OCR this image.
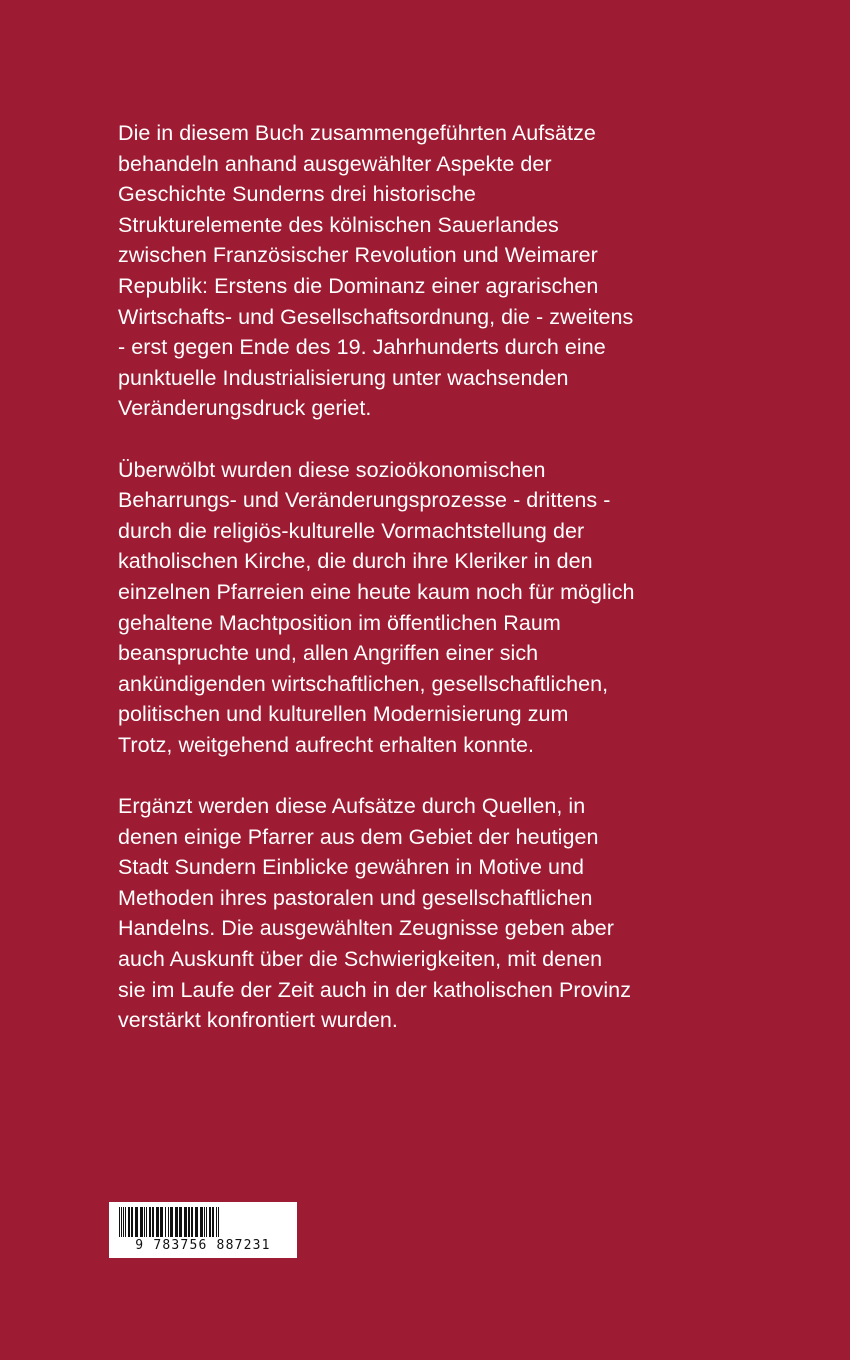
Die in diesem Buch zusammengeführten Aufsätze
behandeln anhand ausgewählter Aspekte der
Geschichte Sunderns drei historische
Strukturelemente des kölnischen Sauerlandes
zwischen Französischer Revolution und Weimarer
Republik: Erstens die Dominanz einer agrarischen
Wirtschafts- und Gesellschaftsordnung, die - zweitens
- erst gegen Ende des 19. Jahrhunderts durch eine
punktuelle Industrialisierung unter wachsenden
Veränderungsdruck geriet.
Überwölbt wurden diese sozioökonomischen
Beharrungs- und Veränderungsprozesse - drittens -
durch die religiös-kulturelle Vormachtstellung der
katholischen Kirche, die durch ihre Kleriker in den
einzelnen Pfarreien eine heute kaum noch für möglich
gehaltene Machtposition im öffentlichen Raum
beanspruchte und, allen Angriffen einer sich
ankündigenden wirtschaftlichen, gesellschaftlichen,
politischen und kulturellen Modernisierung zum
Trotz, weitgehend aufrecht erhalten konnte.
Ergänzt werden diese Aufsätze durch Quellen, in
denen einige Pfarrer aus dem Gebiet der heutigen
Stadt Sundern Einblicke gewähren in Motive und
Methoden ihres pastoralen und gesellschaftlichen
Handelns. Die ausgewählten Zeugnisse geben aber
auch Auskunft über die Schwierigkeiten, mit denen
sie im Laufe der Zeit auch in der katholischen Provinz
verstärkt konfrontiert wurden.
9 783756 887231
